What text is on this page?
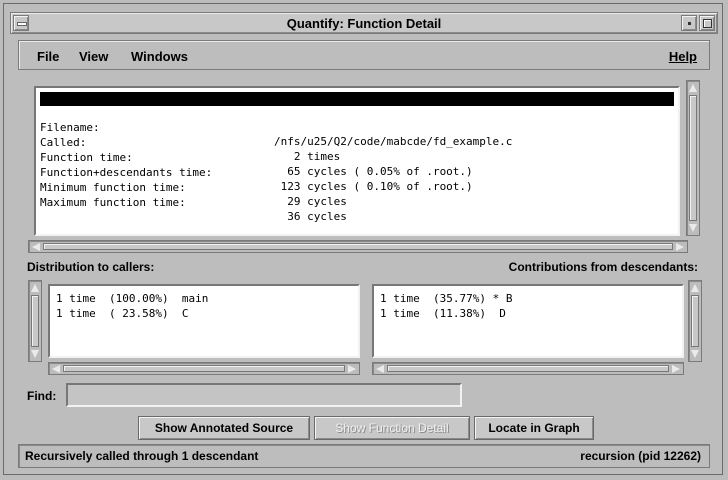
Quantify: Function Detail
File View Windows	Help

Function name:

A

Filename:

/nfs/u25/Q2/code/mabcde/fd_example.c

Called:

2 times

Function time:

65 cycles ( 0.05% of .root.)

Function+descendants time:

123 cycles ( 0.10% of .root.)

Minimum function time:

29 cycles

Maximum function time:

36 cycles

Distribution to callers:	Contributions from descendants:
1 time  (100.00%)  main
1 time  ( 23.58%)  C
1 time  (35.77%) * B
1 time  (11.38%)  D
Find:
Show Annotated Source	Show Function Detail	Locate in Graph
Recursively called through 1 descendant	recursion (pid 12262)
